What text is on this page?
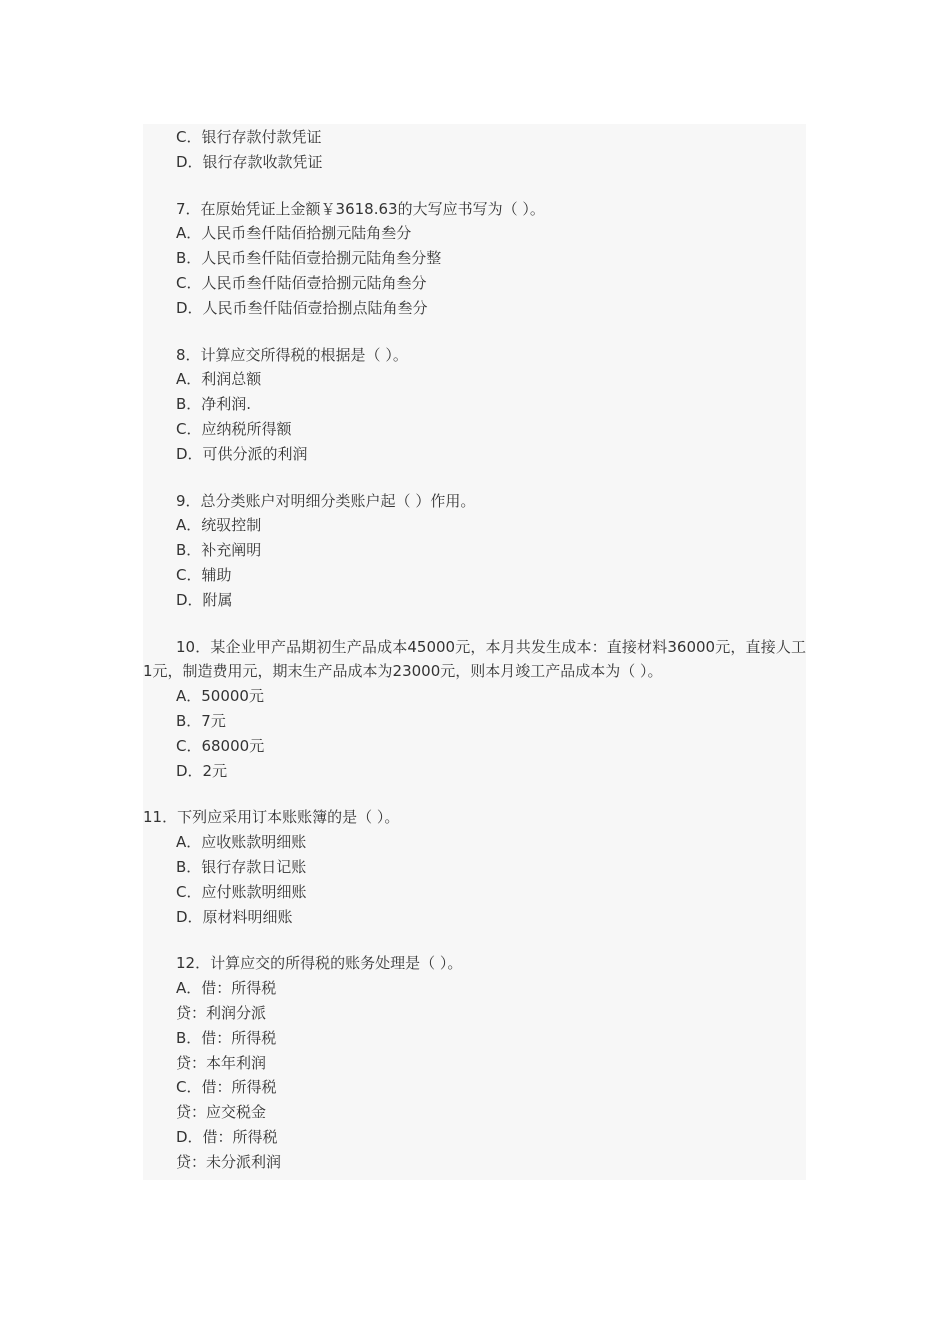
C．银行存款付款凭证

D．银行存款收款凭证

7．在原始凭证上金额￥3618.63的大写应书写为（ ）。

A．人民币叁仟陆佰拾捌元陆角叁分

B．人民币叁仟陆佰壹拾捌元陆角叁分整

C．人民币叁仟陆佰壹拾捌元陆角叁分

D．人民币叁仟陆佰壹拾捌点陆角叁分

8．计算应交所得税的根据是（ ）。

A．利润总额

B．净利润.

C．应纳税所得额

D．可供分派的利润

9．总分类账户对明细分类账户起（ ）作用。

A．统驭控制

B．补充阐明

C．辅助

D．附属

10．某企业甲产品期初生产品成本45000元，本月共发生成本：直接材料36000元，直接人工1元，制造费用元，期末生产品成本为23000元，则本月竣工产品成本为（ ）。

A．50000元

B．7元

C．68000元

D．2元

11．下列应采用订本账账簿的是（ ）。

A．应收账款明细账

B．银行存款日记账

C．应付账款明细账

D．原材料明细账

12．计算应交的所得税的账务处理是（ ）。

A．借：所得税

贷：利润分派

B．借：所得税

贷：本年利润

C．借：所得税

贷：应交税金

D．借：所得税

贷：未分派利润
